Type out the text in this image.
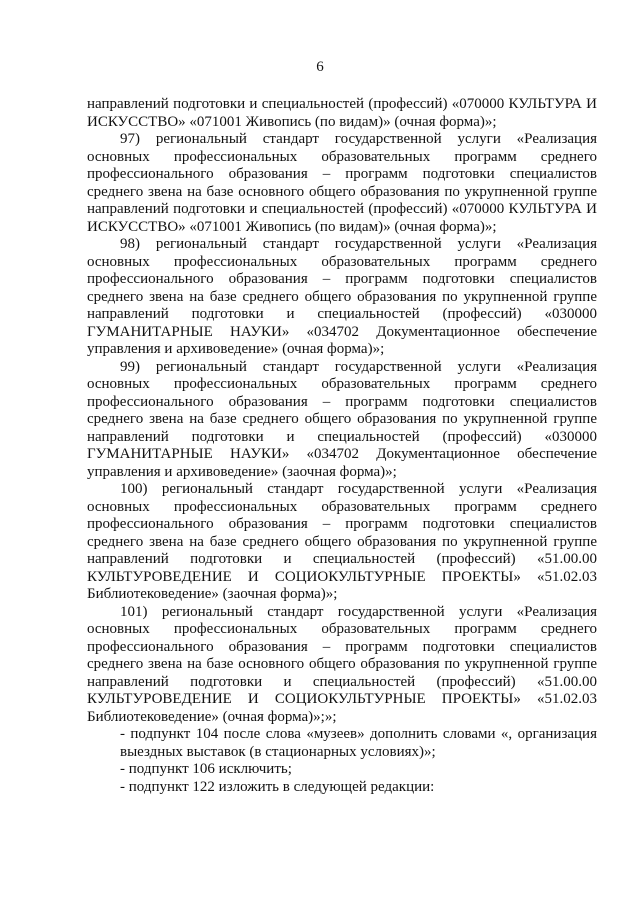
6

направлений подготовки и специальностей (профессий) «070000 КУЛЬТУРА И ИСКУССТВО» «071001 Живопись (по видам)» (очная форма)»;

97) региональный стандарт государственной услуги «Реализация основных профессиональных образовательных программ среднего профессионального образования – программ подготовки специалистов среднего звена на базе основного общего образования по укрупненной группе направлений подготовки и специальностей (профессий) «070000 КУЛЬТУРА И ИСКУССТВО» «071001 Живопись (по видам)» (очная форма)»;

98) региональный стандарт государственной услуги «Реализация основных профессиональных образовательных программ среднего профессионального образования – программ подготовки специалистов среднего звена на базе среднего общего образования по укрупненной группе направлений подготовки и специальностей (профессий) «030000 ГУМАНИТАРНЫЕ НАУКИ» «034702 Документационное обеспечение управления и архивоведение» (очная форма)»;

99) региональный стандарт государственной услуги «Реализация основных профессиональных образовательных программ среднего профессионального образования – программ подготовки специалистов среднего звена на базе среднего общего образования по укрупненной группе направлений подготовки и специальностей (профессий) «030000 ГУМАНИТАРНЫЕ НАУКИ» «034702 Документационное обеспечение управления и архивоведение» (заочная форма)»;

100) региональный стандарт государственной услуги «Реализация основных профессиональных образовательных программ среднего профессионального образования – программ подготовки специалистов среднего звена на базе среднего общего образования по укрупненной группе направлений подготовки и специальностей (профессий) «51.00.00 КУЛЬТУРОВЕДЕНИЕ И СОЦИОКУЛЬТУРНЫЕ ПРОЕКТЫ» «51.02.03 Библиотековедение» (заочная форма)»;

101) региональный стандарт государственной услуги «Реализация основных профессиональных образовательных программ среднего профессионального образования – программ подготовки специалистов среднего звена на базе основного общего образования по укрупненной группе направлений подготовки и специальностей (профессий) «51.00.00 КУЛЬТУРОВЕДЕНИЕ И СОЦИОКУЛЬТУРНЫЕ ПРОЕКТЫ» «51.02.03 Библиотековедение» (очная форма)»;»;

- подпункт 104 после слова «музеев» дополнить словами «, организация выездных выставок (в стационарных условиях)»;

- подпункт 106 исключить;

- подпункт 122 изложить в следующей редакции:
